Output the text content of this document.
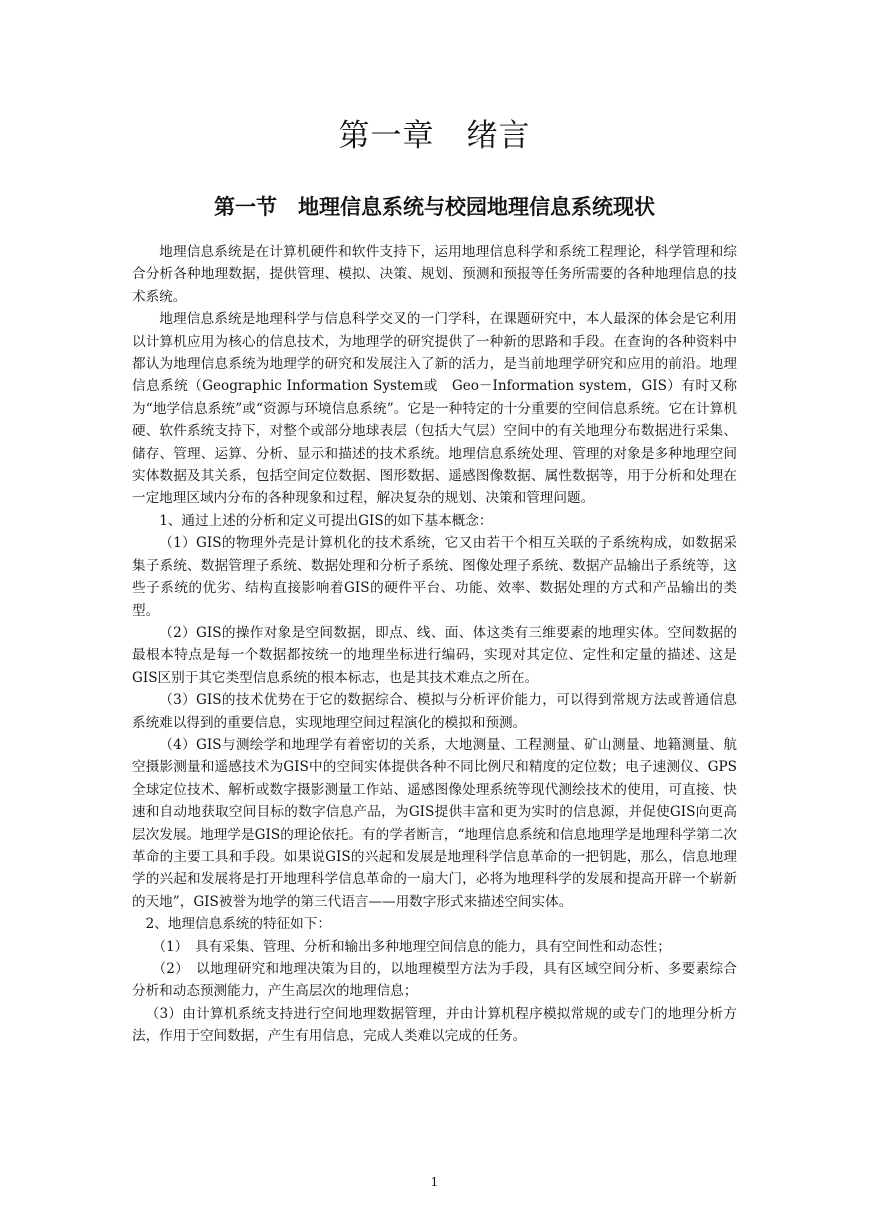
第一章　绪言
第一节　地理信息系统与校园地理信息系统现状

地理信息系统是在计算机硬件和软件支持下，运用地理信息科学和系统工程理论，科学管理和综合分析各种地理数据，提供管理、模拟、决策、规划、预测和预报等任务所需要的各种地理信息的技术系统。

地理信息系统是地理科学与信息科学交叉的一门学科，在课题研究中，本人最深的体会是它利用以计算机应用为核心的信息技术，为地理学的研究提供了一种新的思路和手段。在查询的各种资料中都认为地理信息系统为地理学的研究和发展注入了新的活力，是当前地理学研究和应用的前沿。地理信息系统（Geographic Information System或　Geo－Information system，GIS）有时又称为“地学信息系统”或“资源与环境信息系统”。它是一种特定的十分重要的空间信息系统。它在计算机硬、软件系统支持下，对整个或部分地球表层（包括大气层）空间中的有关地理分布数据进行采集、储存、管理、运算、分析、显示和描述的技术系统。地理信息系统处理、管理的对象是多种地理空间实体数据及其关系，包括空间定位数据、图形数据、遥感图像数据、属性数据等，用于分析和处理在一定地理区域内分布的各种现象和过程，解决复杂的规划、决策和管理问题。

1、通过上述的分析和定义可提出GIS的如下基本概念：

（1）GIS的物理外壳是计算机化的技术系统，它又由若干个相互关联的子系统构成，如数据采集子系统、数据管理子系统、数据处理和分析子系统、图像处理子系统、数据产品输出子系统等，这些子系统的优劣、结构直接影响着GIS的硬件平台、功能、效率、数据处理的方式和产品输出的类型。

（2）GIS的操作对象是空间数据，即点、线、面、体这类有三维要素的地理实体。空间数据的最根本特点是每一个数据都按统一的地理坐标进行编码，实现对其定位、定性和定量的描述、这是GIS区别于其它类型信息系统的根本标志，也是其技术难点之所在。

（3）GIS的技术优势在于它的数据综合、模拟与分析评价能力，可以得到常规方法或普通信息系统难以得到的重要信息，实现地理空间过程演化的模拟和预测。

（4）GIS与测绘学和地理学有着密切的关系，大地测量、工程测量、矿山测量、地籍测量、航空摄影测量和遥感技术为GIS中的空间实体提供各种不同比例尺和精度的定位数；电子速测仪、GPS全球定位技术、解析或数字摄影测量工作站、遥感图像处理系统等现代测绘技术的使用，可直接、快速和自动地获取空间目标的数字信息产品，为GIS提供丰富和更为实时的信息源，并促使GIS向更高层次发展。地理学是GIS的理论依托。有的学者断言，“地理信息系统和信息地理学是地理科学第二次革命的主要工具和手段。如果说GIS的兴起和发展是地理科学信息革命的一把钥匙，那么，信息地理学的兴起和发展将是打开地理科学信息革命的一扇大门，必将为地理科学的发展和提高开辟一个崭新的天地”，GIS被誉为地学的第三代语言——用数字形式来描述空间实体。

2、地理信息系统的特征如下：

（1）　具有采集、管理、分析和输出多种地理空间信息的能力，具有空间性和动态性；

（2）　以地理研究和地理决策为目的，以地理模型方法为手段，具有区域空间分析、多要素综合分析和动态预测能力，产生高层次的地理信息；

（3）由计算机系统支持进行空间地理数据管理，并由计算机程序模拟常规的或专门的地理分析方法，作用于空间数据，产生有用信息，完成人类难以完成的任务。

1
